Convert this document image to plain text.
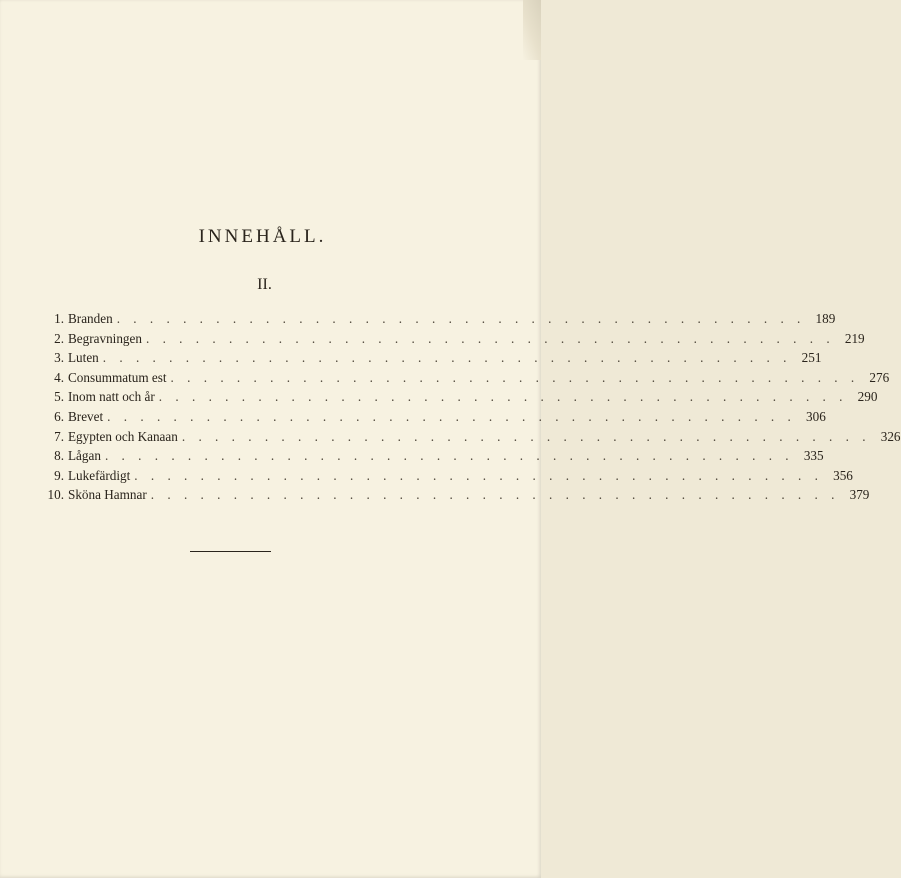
INNEHÅLL.
II.
1. Branden . . . . . . . . . . . . . . . . . . . . . . . . . . . . . . . . . . . . . . . . . . 189
2. Begravningen . . . . . . . . . . . . . . . . . . . . . . . . . . . . . . . . . . . . . . . . . . 219
3. Luten . . . . . . . . . . . . . . . . . . . . . . . . . . . . . . . . . . . . . . . . . . 251
4. Consummatum est . . . . . . . . . . . . . . . . . . . . . . . . . . . . . . . . . . . . . . . . . . 276
5. Inom natt och år . . . . . . . . . . . . . . . . . . . . . . . . . . . . . . . . . . . . . . . . . . 290
6. Brevet . . . . . . . . . . . . . . . . . . . . . . . . . . . . . . . . . . . . . . . . . . 306
7. Egypten och Kanaan . . . . . . . . . . . . . . . . . . . . . . . . . . . . . . . . . . . . . . . . . . 326
8. Lågan . . . . . . . . . . . . . . . . . . . . . . . . . . . . . . . . . . . . . . . . . . 335
9. Lukefärdigt . . . . . . . . . . . . . . . . . . . . . . . . . . . . . . . . . . . . . . . . . . 356
10. Sköna Hamnar . . . . . . . . . . . . . . . . . . . . . . . . . . . . . . . . . . . . . . . . . . 379
